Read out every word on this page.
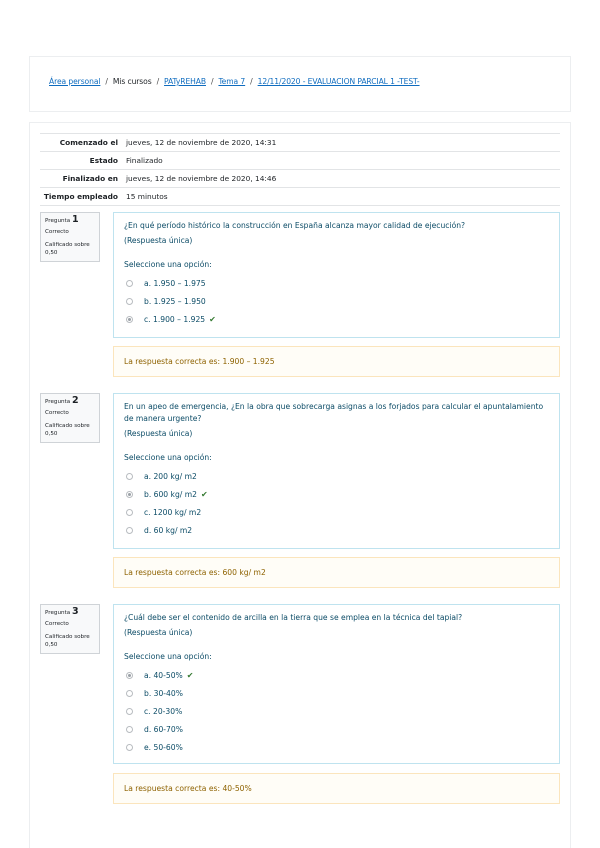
Área personal / Mis cursos / PATyREHAB / Tema 7 / 12/11/2020 - EVALUACION PARCIAL 1 -TEST-
Comenzado el	jueves, 12 de noviembre de 2020, 14:31
Estado	Finalizado
Finalizado en	jueves, 12 de noviembre de 2020, 14:46
Tiempo empleado	15 minutos
Pregunta 1
Correcto
Calificado sobre
0,50
¿En qué período histórico la construcción en España alcanza mayor calidad de ejecución?
(Respuesta única)
Seleccione una opción:
a. 1.950 – 1.975
b. 1.925 – 1.950
c. 1.900 – 1.925 ✔
La respuesta correcta es: 1.900 – 1.925
Pregunta 2
Correcto
Calificado sobre
0,50
En un apeo de emergencia, ¿En la obra que sobrecarga asignas a los forjados para calcular el apuntalamiento de manera urgente?
(Respuesta única)
Seleccione una opción:
a. 200 kg/ m2
b. 600 kg/ m2 ✔
c. 1200 kg/ m2
d. 60 kg/ m2
La respuesta correcta es: 600 kg/ m2
Pregunta 3
Correcto
Calificado sobre
0,50
¿Cuál debe ser el contenido de arcilla en la tierra que se emplea en la técnica del tapial?
(Respuesta única)
Seleccione una opción:
a. 40-50% ✔
b. 30-40%
c. 20-30%
d. 60-70%
e. 50-60%
La respuesta correcta es: 40-50%
